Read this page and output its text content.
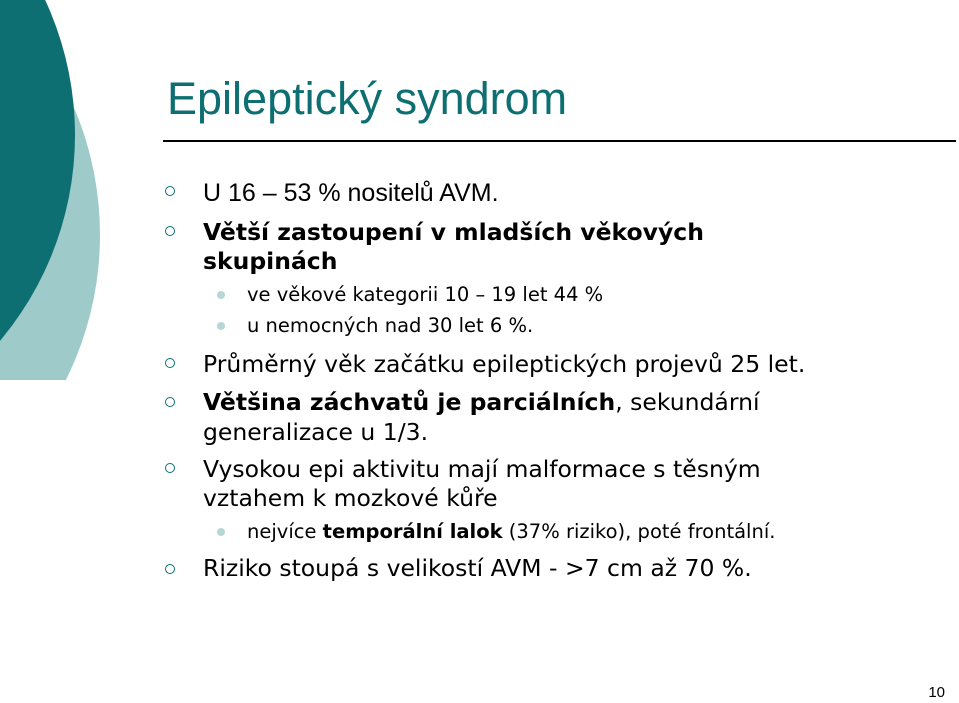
Epileptický syndrom

U 16 – 53 % nositelů AVM.

Větší zastoupení v mladších věkových

skupinách

ve věkové kategorii 10 – 19 let 44 %

u nemocných nad 30 let 6 %.

Průměrný věk začátku epileptických projevů 25 let.

Většina záchvatů je parciálních, sekundární

generalizace u 1/3.

Vysokou epi aktivitu mají malformace s těsným

vztahem k mozkové kůře

nejvíce temporální lalok (37% riziko), poté frontální.

Riziko stoupá s velikostí AVM - >7 cm až 70 %.

10
